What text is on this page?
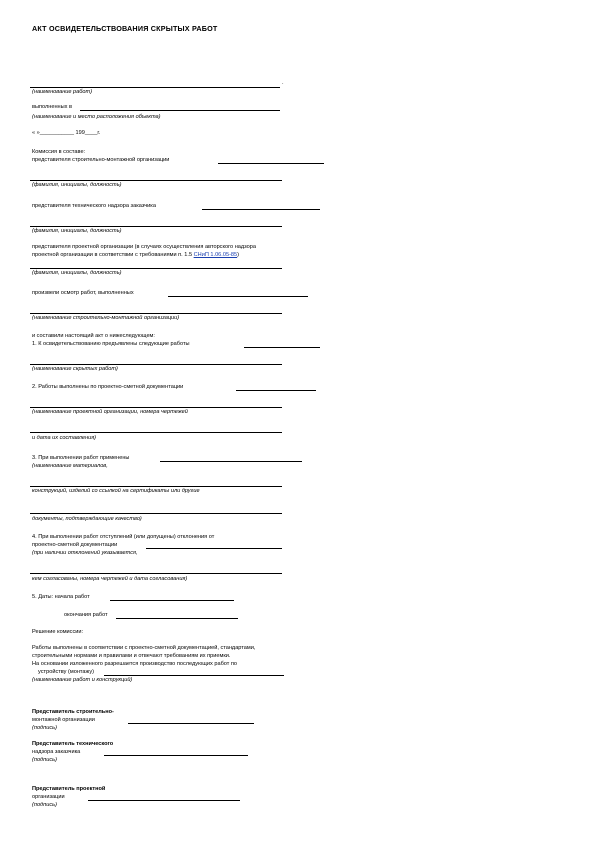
АКТ ОСВИДЕТЕЛЬСТВОВАНИЯ СКРЫТЫХ РАБОТ
.
(наименование работ)
выполненных в
(наименование и место расположения объекта)
« »___________ 199____г.
Комиссия в составе:
представителя строительно-монтажной организации
(фамилия, инициалы, должность)
представителя технического надзора заказчика
(фамилия, инициалы, должность)
представителя проектной организации (в случаях осуществления авторского надзора
проектной организации в соответствии с требованиями п. 1.5 СНиП 1.06.05-85)
(фамилия, инициалы, должность)
произвели осмотр работ, выполненных
(наименование строительно-монтажной организации)
и составили настоящий акт о нижеследующем:
1. К освидетельствованию предъявлены следующие работы
(наименование скрытых работ)
2. Работы выполнены по проектно-сметной документации
(наименование проектной организации, номера чертежей
и дата их составления)
3. При выполнении работ применены
(наименование материалов,
конструкций, изделий со ссылкой на сертификаты или другие
документы, подтверждающие качество)
4. При выполнении работ отступлений (или допущены) отклонения от
проектно-сметной документации
(при наличии отклонений указывается,
кем согласованы, номера чертежей и дата согласования)
5. Даты: начала работ
окончания работ
Решение комиссии:
Работы выполнены в соответствии с проектно-сметной документацией, стандартами,
строительными нормами и правилами и отвечают требованиям их приемки.
На основании изложенного разрешается производство последующих работ по
устройству (монтажу)
(наименование работ и конструкций)
Представитель строительно-
монтажной организации
(подпись)
Представитель технического
надзора заказчика
(подпись)
Представитель проектной
организации
(подпись)
